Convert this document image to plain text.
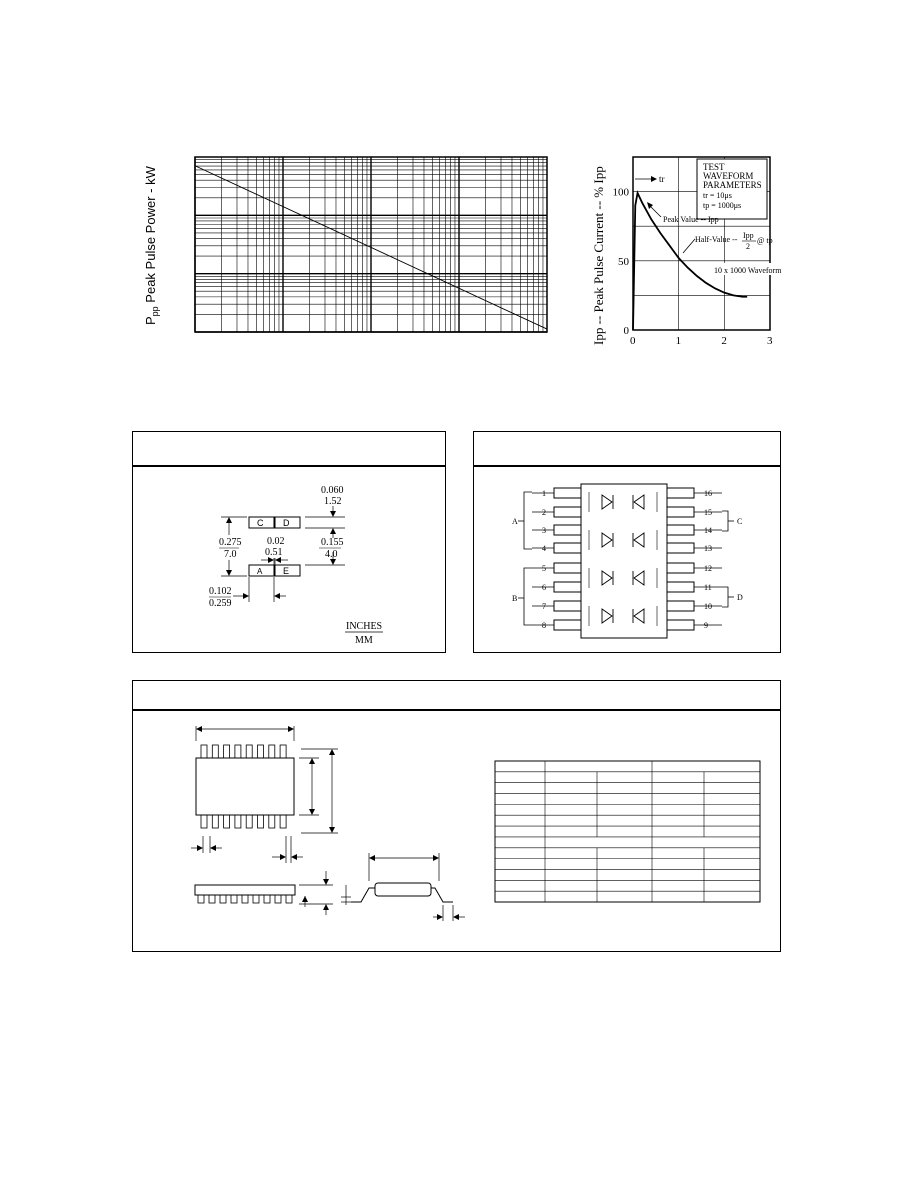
$P_{pp}$ Peak Pulse Power - kW
0	1	2	3
0
50
100
Ipp -- Peak Pulse Current -- % Ipp	TEST
WAVEFORM
PARAMETERS
tr = 10μs
tp = 1000μs
tr
Peak Value -- Ipp
Half-Value -- Ipp
2
@ tp
10 x 1000 Waveform
C D
A E
0.275
7.0
0.02
0.51
0.060
1.52
0.155
4.0
0.102
0.259
INCHES
MM
1	16
2	15
3	14
4	13
5	12
6	11
7	10
8	9
A
B
C
D
